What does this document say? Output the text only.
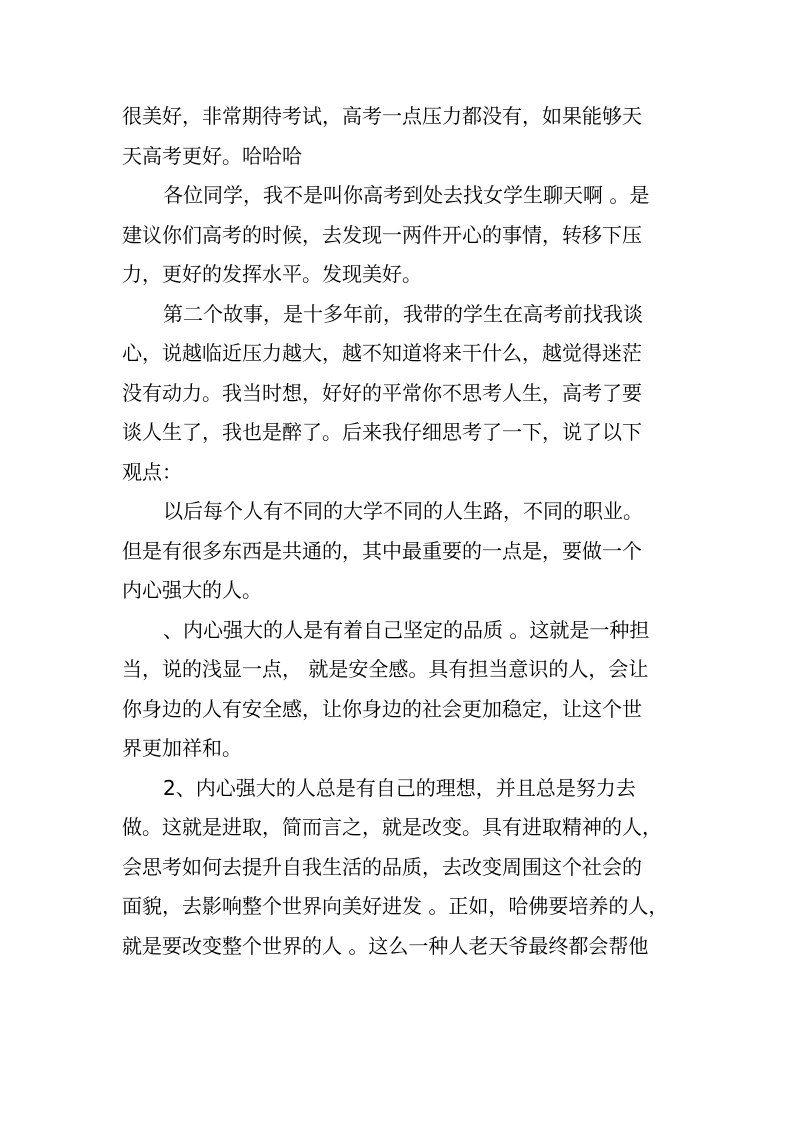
很美好，非常期待考试，高考一点压力都没有，如果能够天
天高考更好。哈哈哈
各位同学，我不是叫你高考到处去找女学生聊天啊 。是
建议你们高考的时候，去发现一两件开心的事情，转移下压
力，更好的发挥水平。发现美好。
第二个故事，是十多年前，我带的学生在高考前找我谈
心，说越临近压力越大，越不知道将来干什么，越觉得迷茫
没有动力。我当时想，好好的平常你不思考人生，高考了要
谈人生了，我也是醉了。后来我仔细思考了一下，说了以下
观点：
以后每个人有不同的大学不同的人生路，不同的职业。
但是有很多东西是共通的，其中最重要的一点是，要做一个
内心强大的人。
、内心强大的人是有着自己坚定的品质 。这就是一种担
当，说的浅显一点， 就是安全感。具有担当意识的人，会让
你身边的人有安全感，让你身边的社会更加稳定，让这个世
界更加祥和。
2、内心强大的人总是有自己的理想，并且总是努力去
做。这就是进取，简而言之，就是改变。具有进取精神的人，
会思考如何去提升自我生活的品质，去改变周围这个社会的
面貌，去影响整个世界向美好进发 。正如，哈佛要培养的人，
就是要改变整个世界的人 。这么一种人老天爷最终都会帮他
